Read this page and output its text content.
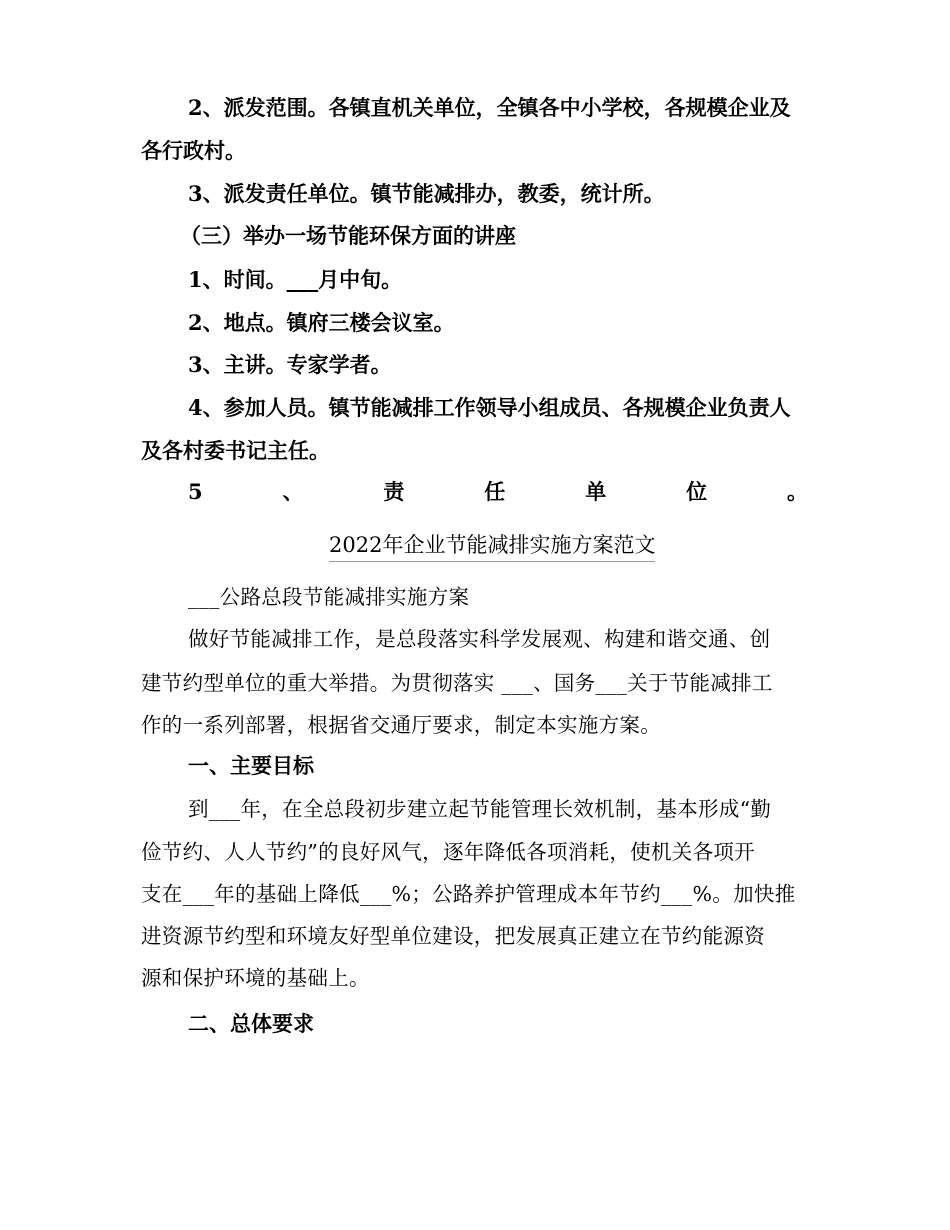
2、派发范围。各镇直机关单位，全镇各中小学校，各规模企业及
各行政村。
3、派发责任单位。镇节能减排办，教委，统计所。
（三）举办一场节能环保方面的讲座
1、时间。___月中旬。
2、地点。镇府三楼会议室。
3、主讲。专家学者。
4、参加人员。镇节能减排工作领导小组成员、各规模企业负责人
及各村委书记主任。
5	、	责	任	单	位	。
2022年企业节能减排实施方案范文
___公路总段节能减排实施方案
做好节能减排工作，是总段落实科学发展观、构建和谐交通、创
建节约型单位的重大举措。为贯彻落实 ___、国务___关于节能减排工
作的一系列部署，根据省交通厅要求，制定本实施方案。
一、主要目标
到___年，在全总段初步建立起节能管理长效机制，基本形成“勤
俭节约、人人节约”的良好风气，逐年降低各项消耗，使机关各项开
支在___年的基础上降低___%；公路养护管理成本年节约___%。加快推
进资源节约型和环境友好型单位建设，把发展真正建立在节约能源资
源和保护环境的基础上。
二、总体要求
